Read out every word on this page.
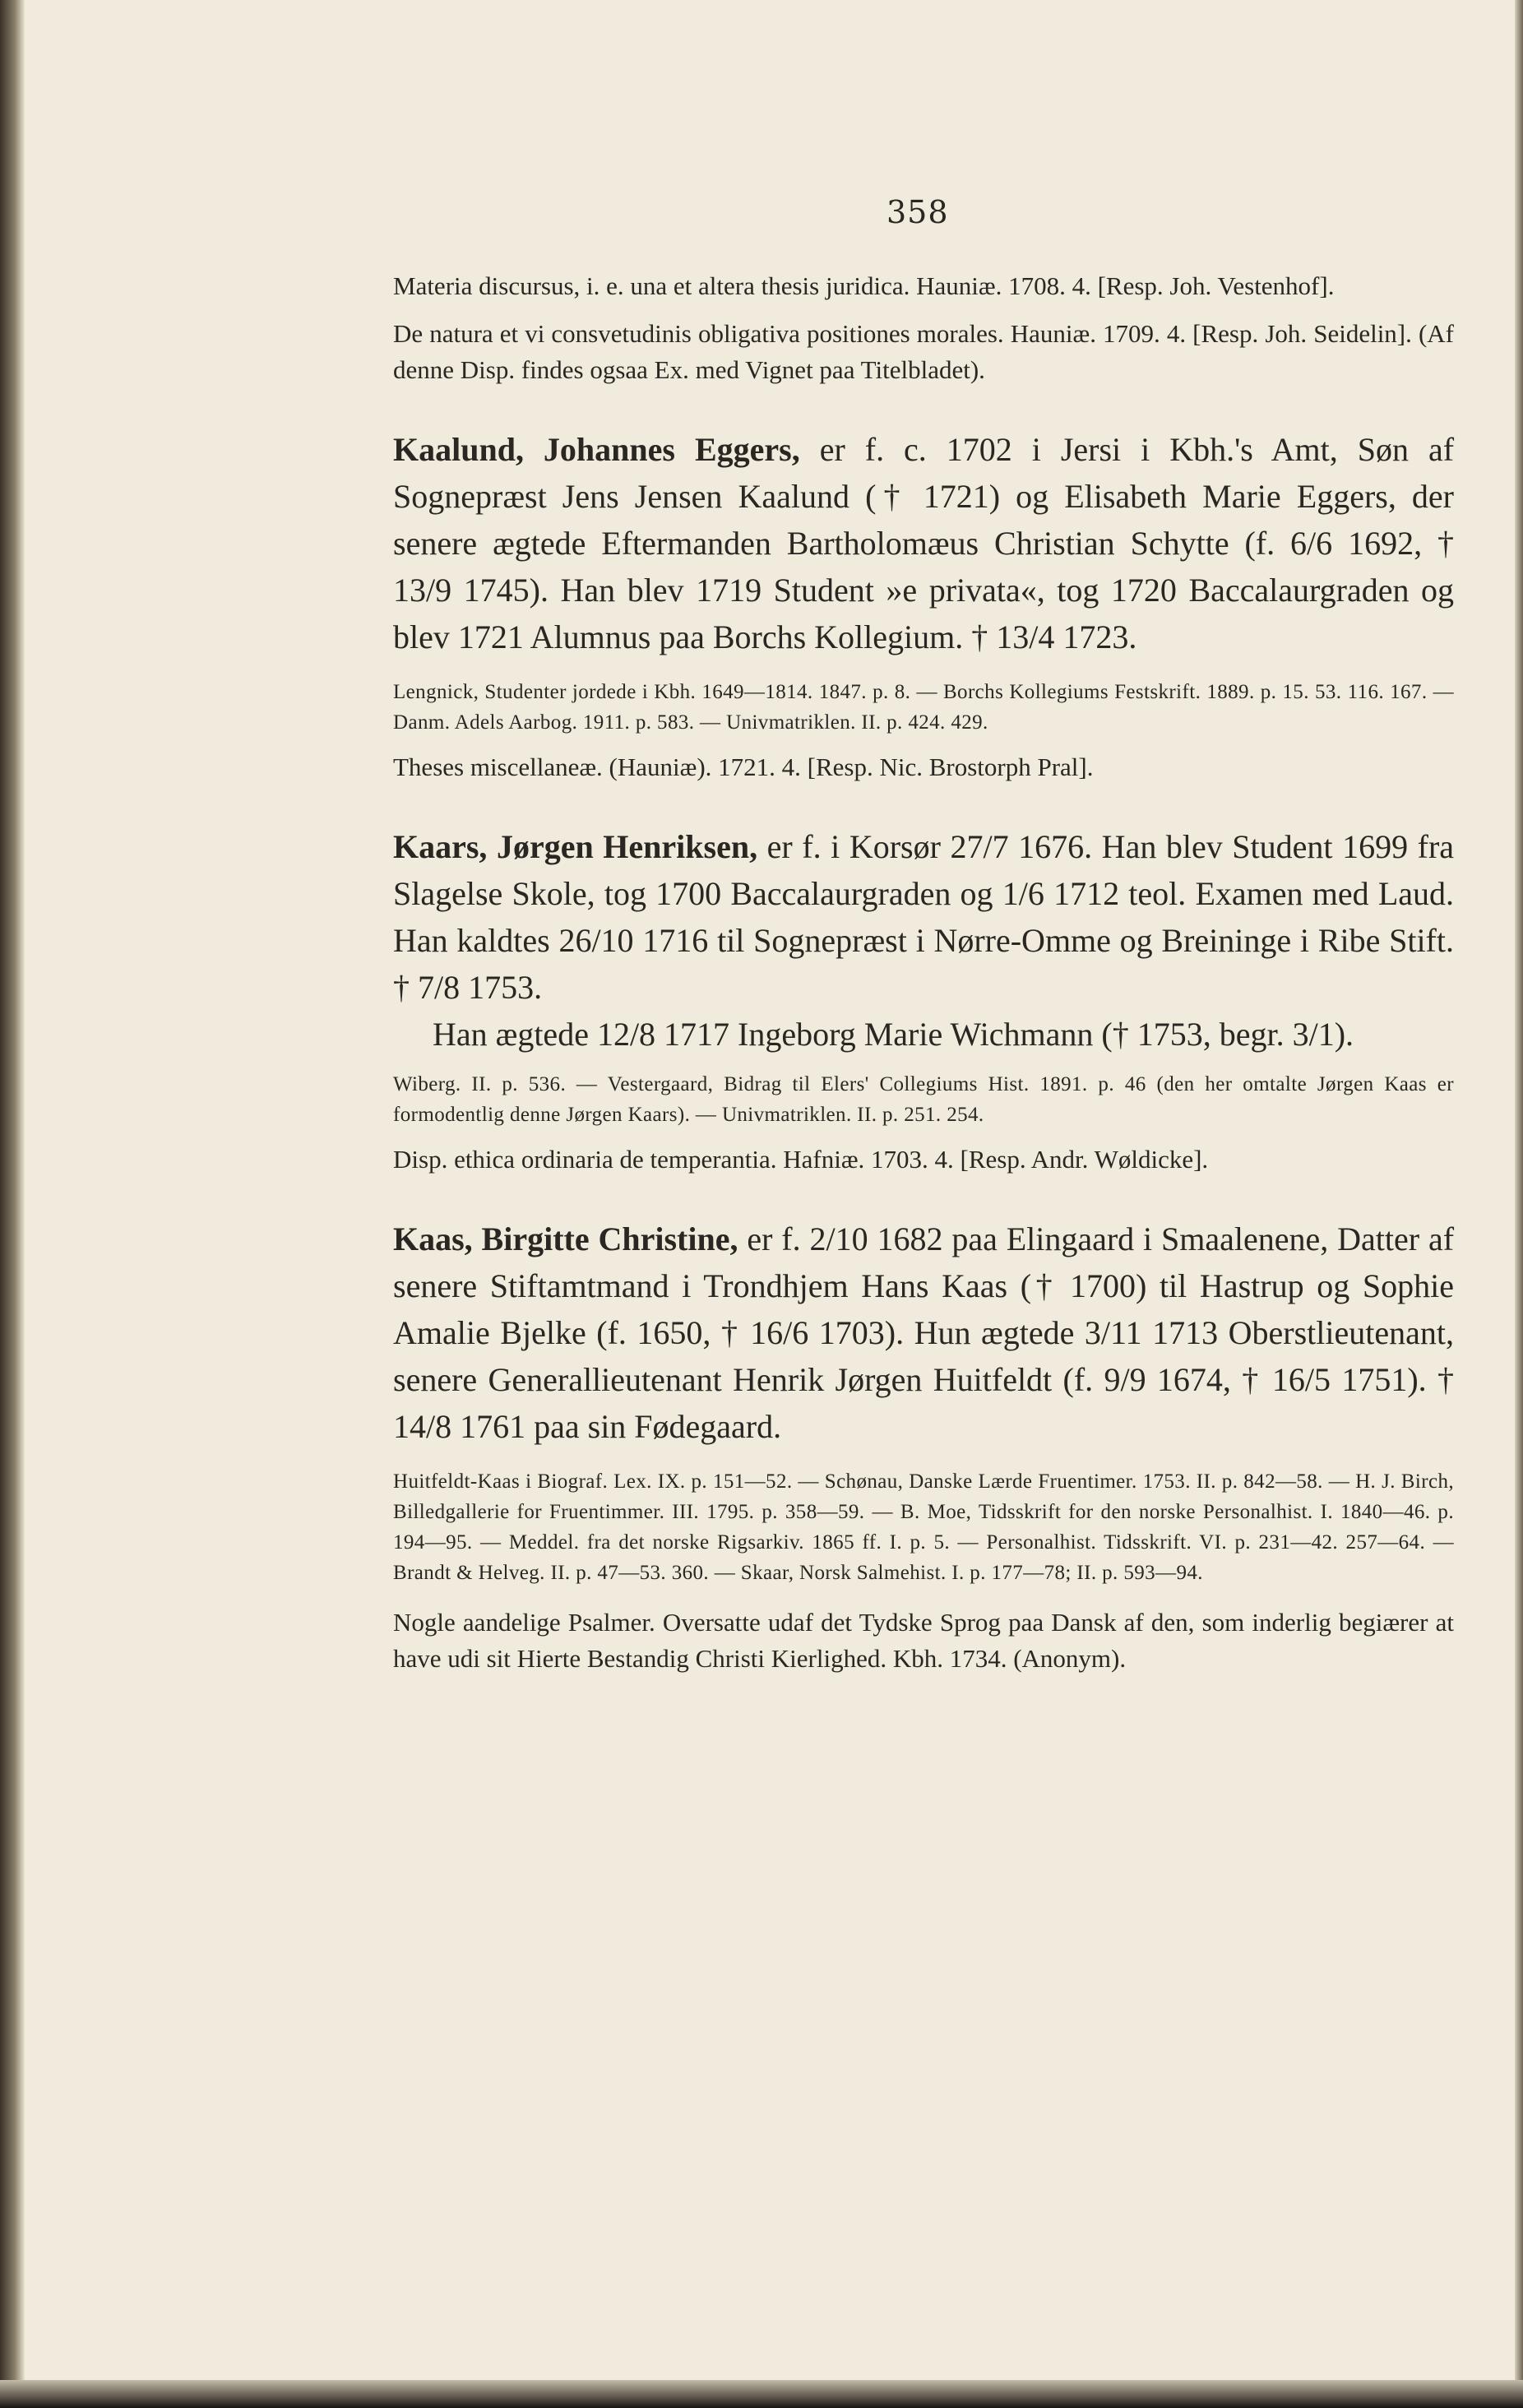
358

Materia discursus, i. e. una et altera thesis juridica. Hauniæ. 1708. 4. [Resp. Joh. Vestenhof].

De natura et vi consvetudinis obligativa positiones morales. Hauniæ. 1709. 4. [Resp. Joh. Seidelin]. (Af denne Disp. findes ogsaa Ex. med Vignet paa Titelbladet).

Kaalund, Johannes Eggers, er f. c. 1702 i Jersi i Kbh.'s Amt, Søn af Sognepræst Jens Jensen Kaalund († 1721) og Elisabeth Marie Eggers, der senere ægtede Eftermanden Bartholomæus Christian Schytte (f. 6/6 1692, † 13/9 1745). Han blev 1719 Student »e privata«, tog 1720 Baccalaurgraden og blev 1721 Alumnus paa Borchs Kollegium. † 13/4 1723.

Lengnick, Studenter jordede i Kbh. 1649—1814. 1847. p. 8. — Borchs Kollegiums Festskrift. 1889. p. 15. 53. 116. 167. — Danm. Adels Aarbog. 1911. p. 583. — Univmatriklen. II. p. 424. 429.

Theses miscellaneæ. (Hauniæ). 1721. 4. [Resp. Nic. Brostorph Pral].

Kaars, Jørgen Henriksen, er f. i Korsør 27/7 1676. Han blev Student 1699 fra Slagelse Skole, tog 1700 Baccalaurgraden og 1/6 1712 teol. Examen med Laud. Han kaldtes 26/10 1716 til Sognepræst i Nørre-Omme og Breininge i Ribe Stift. † 7/8 1753.

Han ægtede 12/8 1717 Ingeborg Marie Wichmann († 1753, begr. 3/1).

Wiberg. II. p. 536. — Vestergaard, Bidrag til Elers' Collegiums Hist. 1891. p. 46 (den her omtalte Jørgen Kaas er formodentlig denne Jørgen Kaars). — Univmatriklen. II. p. 251. 254.

Disp. ethica ordinaria de temperantia. Hafniæ. 1703. 4. [Resp. Andr. Wøldicke].

Kaas, Birgitte Christine, er f. 2/10 1682 paa Elingaard i Smaalenene, Datter af senere Stiftamtmand i Trondhjem Hans Kaas († 1700) til Hastrup og Sophie Amalie Bjelke (f. 1650, † 16/6 1703). Hun ægtede 3/11 1713 Oberstlieutenant, senere Generallieutenant Henrik Jørgen Huitfeldt (f. 9/9 1674, † 16/5 1751). † 14/8 1761 paa sin Fødegaard.

Huitfeldt-Kaas i Biograf. Lex. IX. p. 151—52. — Schønau, Danske Lærde Fruentimer. 1753. II. p. 842—58. — H. J. Birch, Billedgallerie for Fruentimmer. III. 1795. p. 358—59. — B. Moe, Tidsskrift for den norske Personalhist. I. 1840—46. p. 194—95. — Meddel. fra det norske Rigsarkiv. 1865 ff. I. p. 5. — Personalhist. Tidsskrift. VI. p. 231—42. 257—64. — Brandt & Helveg. II. p. 47—53. 360. — Skaar, Norsk Salmehist. I. p. 177—78; II. p. 593—94.

Nogle aandelige Psalmer. Oversatte udaf det Tydske Sprog paa Dansk af den, som inderlig begiærer at have udi sit Hierte Bestandig Christi Kierlighed. Kbh. 1734. (Anonym).
